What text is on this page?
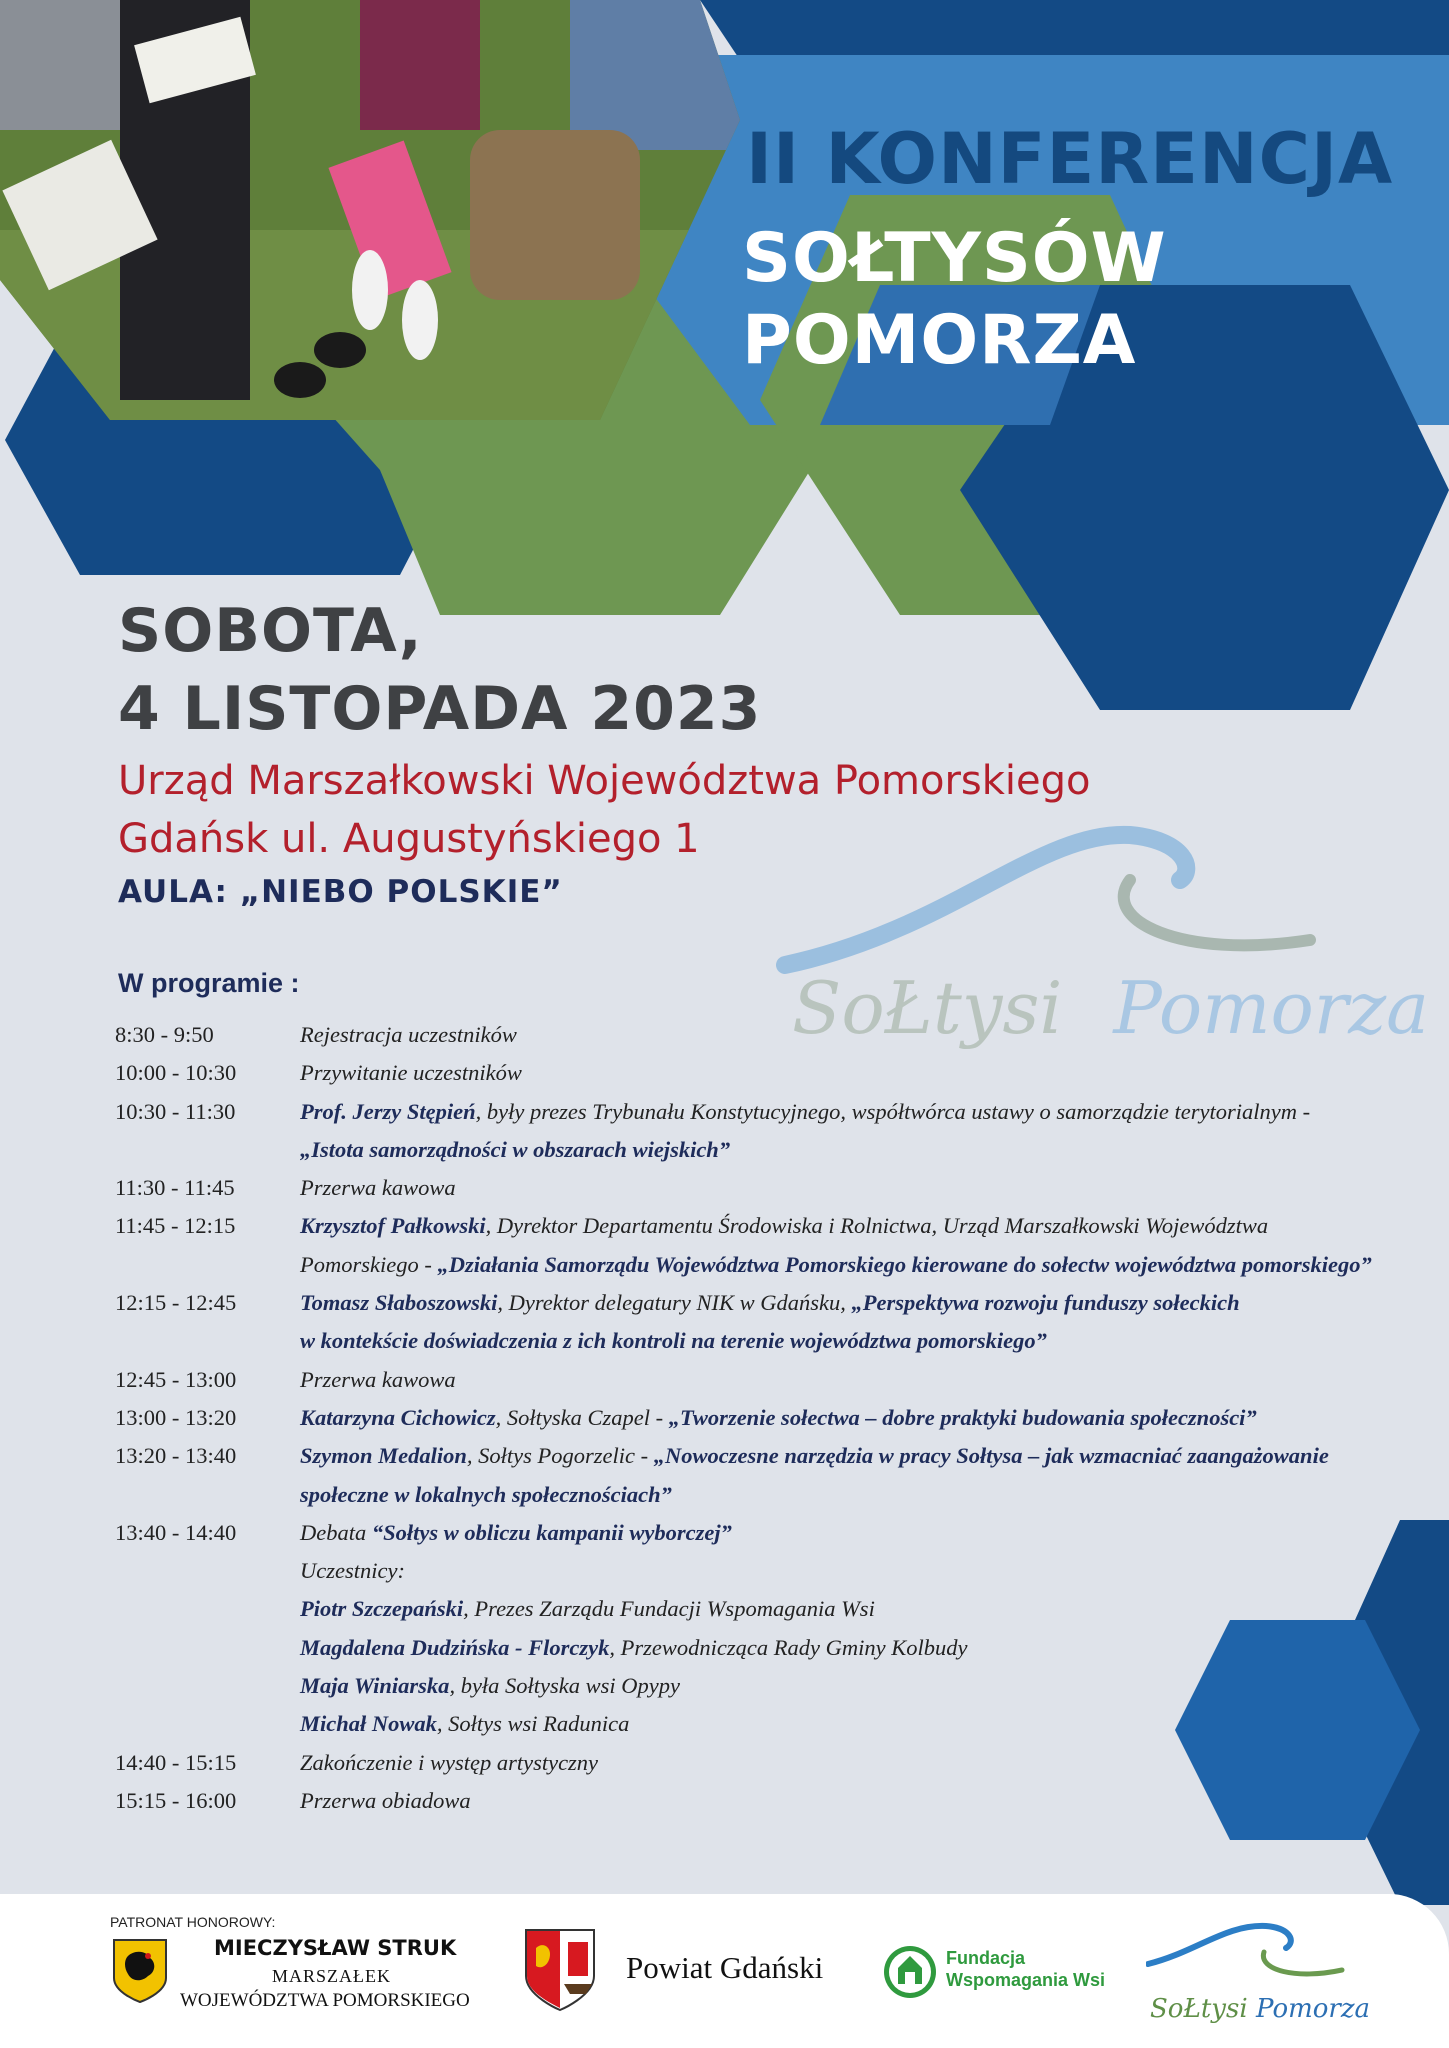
II KONFERENCJA
SOŁTYSÓW
POMORZA
SOBOTA,
4 LISTOPADA 2023
Urząd Marszałkowski Województwa Pomorskiego
Gdańsk ul. Augustyńskiego 1
AULA: „NIEBO POLSKIE”
SoŁtysi Pomorza
W programie :
8:30 - 9:50	Rejestracja uczestników
10:00 - 10:30	Przywitanie uczestników
10:30 - 11:30	Prof. Jerzy Stępień, były prezes Trybunału Konstytucyjnego, współtwórca ustawy o samorządzie terytorialnym -
„Istota samorządności w obszarach wiejskich”
11:30 - 11:45	Przerwa kawowa
11:45 - 12:15	Krzysztof Pałkowski, Dyrektor Departamentu Środowiska i Rolnictwa, Urząd Marszałkowski Województwa
Pomorskiego - „Działania Samorządu Województwa Pomorskiego kierowane do sołectw województwa pomorskiego”
12:15 - 12:45	Tomasz Słaboszowski, Dyrektor delegatury NIK w Gdańsku, „Perspektywa rozwoju funduszy sołeckich
w kontekście doświadczenia z ich kontroli na terenie województwa pomorskiego”
12:45 - 13:00	Przerwa kawowa
13:00 - 13:20	Katarzyna Cichowicz, Sołtyska Czapel - „Tworzenie sołectwa – dobre praktyki budowania społeczności”
13:20 - 13:40	Szymon Medalion, Sołtys Pogorzelic - „Nowoczesne narzędzia w pracy Sołtysa – jak wzmacniać zaangażowanie
społeczne w lokalnych społecznościach”
13:40 - 14:40	Debata “Sołtys w obliczu kampanii wyborczej”
Uczestnicy:
Piotr Szczepański, Prezes Zarządu Fundacji Wspomagania Wsi
Magdalena Dudzińska - Florczyk, Przewodnicząca Rady Gminy Kolbudy
Maja Winiarska, była Sołtyska wsi Opypy
Michał Nowak, Sołtys wsi Radunica
14:40 - 15:15	Zakończenie i występ artystyczny
15:15 - 16:00	Przerwa obiadowa
PATRONAT HONOROWY:
MIECZYSŁAW STRUK
MARSZAŁEK
WOJEWÓDZTWA POMORSKIEGO
Powiat Gdański	Fundacja
Wspomagania Wsi
SoŁtysi Pomorza
